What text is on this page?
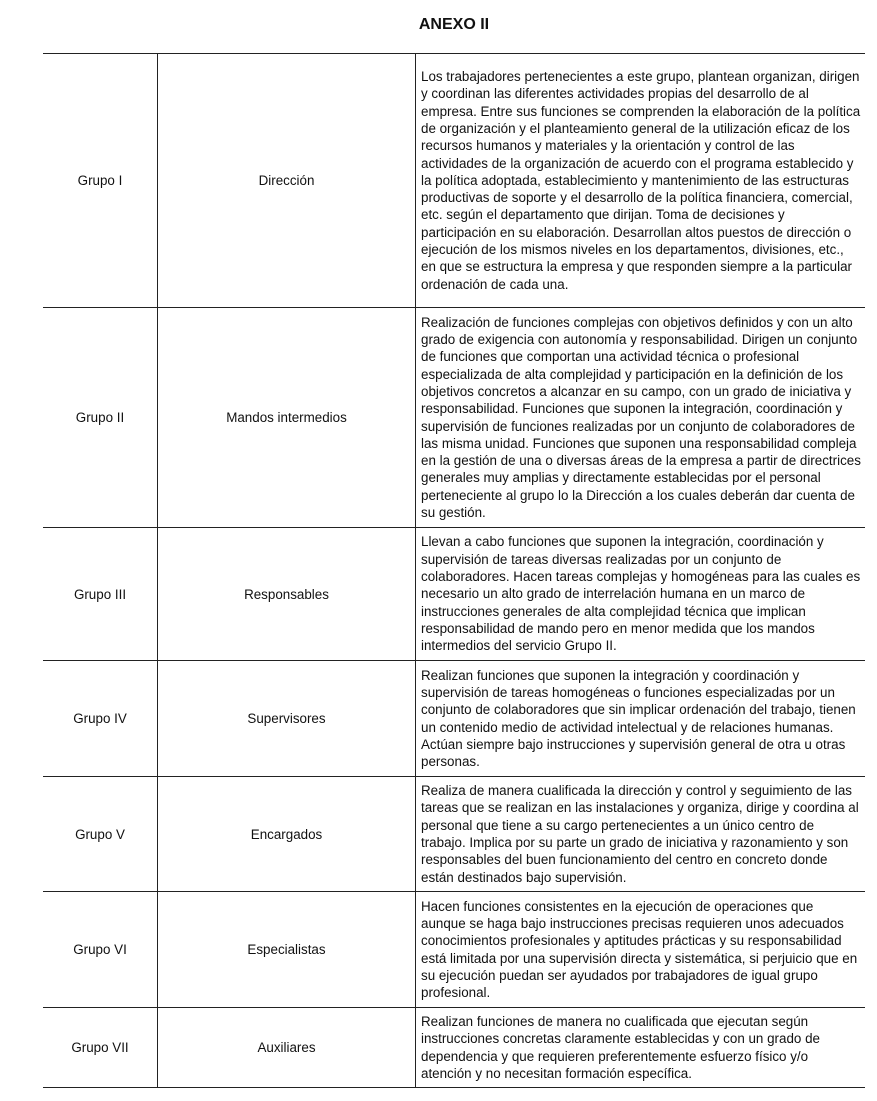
ANEXO II
Grupo I	Dirección	Los trabajadores pertenecientes a este grupo, plantean organizan, dirigen y coordinan las diferentes actividades propias del desarrollo de al empresa. Entre sus funciones se comprenden la elaboración de la política de organización y el planteamiento general de la utilización eficaz de los recursos humanos y materiales y la orientación y control de las actividades de la organización de acuerdo con el programa establecido y la política adoptada, establecimiento y mantenimiento de las estructuras productivas de soporte y el desarrollo de la política financiera, comercial, etc. según el departamento que dirijan. Toma de decisiones y participación en su elaboración. Desarrollan altos puestos de dirección o ejecución de los mismos niveles en los departamentos, divisiones, etc., en que se estructura la empresa y que responden siempre a la particular ordenación de cada una.
Grupo II	Mandos intermedios	Realización de funciones complejas con objetivos definidos y con un alto grado de exigencia con autonomía y responsabilidad. Dirigen un conjunto de funciones que comportan una actividad técnica o profesional especializada de alta complejidad y participación en la definición de los objetivos concretos a alcanzar en su campo, con un grado de iniciativa y responsabilidad. Funciones que suponen la integración, coordinación y supervisión de funciones realizadas por un conjunto de colaboradores de las misma unidad. Funciones que suponen una responsabilidad compleja en la gestión de una o diversas áreas de la empresa a partir de directrices generales muy amplias y directamente establecidas por el personal perteneciente al grupo lo la Dirección a los cuales deberán dar cuenta de su gestión.
Grupo III	Responsables	Llevan a cabo funciones que suponen la integración, coordinación y supervisión de tareas diversas realizadas por un conjunto de colaboradores. Hacen tareas complejas y homogéneas para las cuales es necesario un alto grado de interrelación humana en un marco de instrucciones generales de alta complejidad técnica que implican responsabilidad de mando pero en menor medida que los mandos intermedios del servicio Grupo II.
Grupo IV	Supervisores	Realizan funciones que suponen la integración y coordinación y supervisión de tareas homogéneas o funciones especializadas por un conjunto de colaboradores que sin implicar ordenación del trabajo, tienen un contenido medio de actividad intelectual y de relaciones humanas. Actúan siempre bajo instrucciones y supervisión general de otra u otras personas.
Grupo V	Encargados	Realiza de manera cualificada la dirección y control y seguimiento de las tareas que se realizan en las instalaciones y organiza, dirige y coordina al personal que tiene a su cargo pertenecientes a un único centro de trabajo. Implica por su parte un grado de iniciativa y razonamiento y son responsables del buen funcionamiento del centro en concreto donde están destinados bajo supervisión.
Grupo VI	Especialistas	Hacen funciones consistentes en la ejecución de operaciones que aunque se haga bajo instrucciones precisas requieren unos adecuados conocimientos profesionales y aptitudes prácticas y su responsabilidad está limitada por una supervisión directa y sistemática, si perjuicio que en su ejecución puedan ser ayudados por trabajadores de igual grupo profesional.
Grupo VII	Auxiliares	Realizan funciones de manera no cualificada que ejecutan según instrucciones concretas claramente establecidas y con un grado de dependencia y que requieren preferentemente esfuerzo físico y/o atención y no necesitan formación específica.
